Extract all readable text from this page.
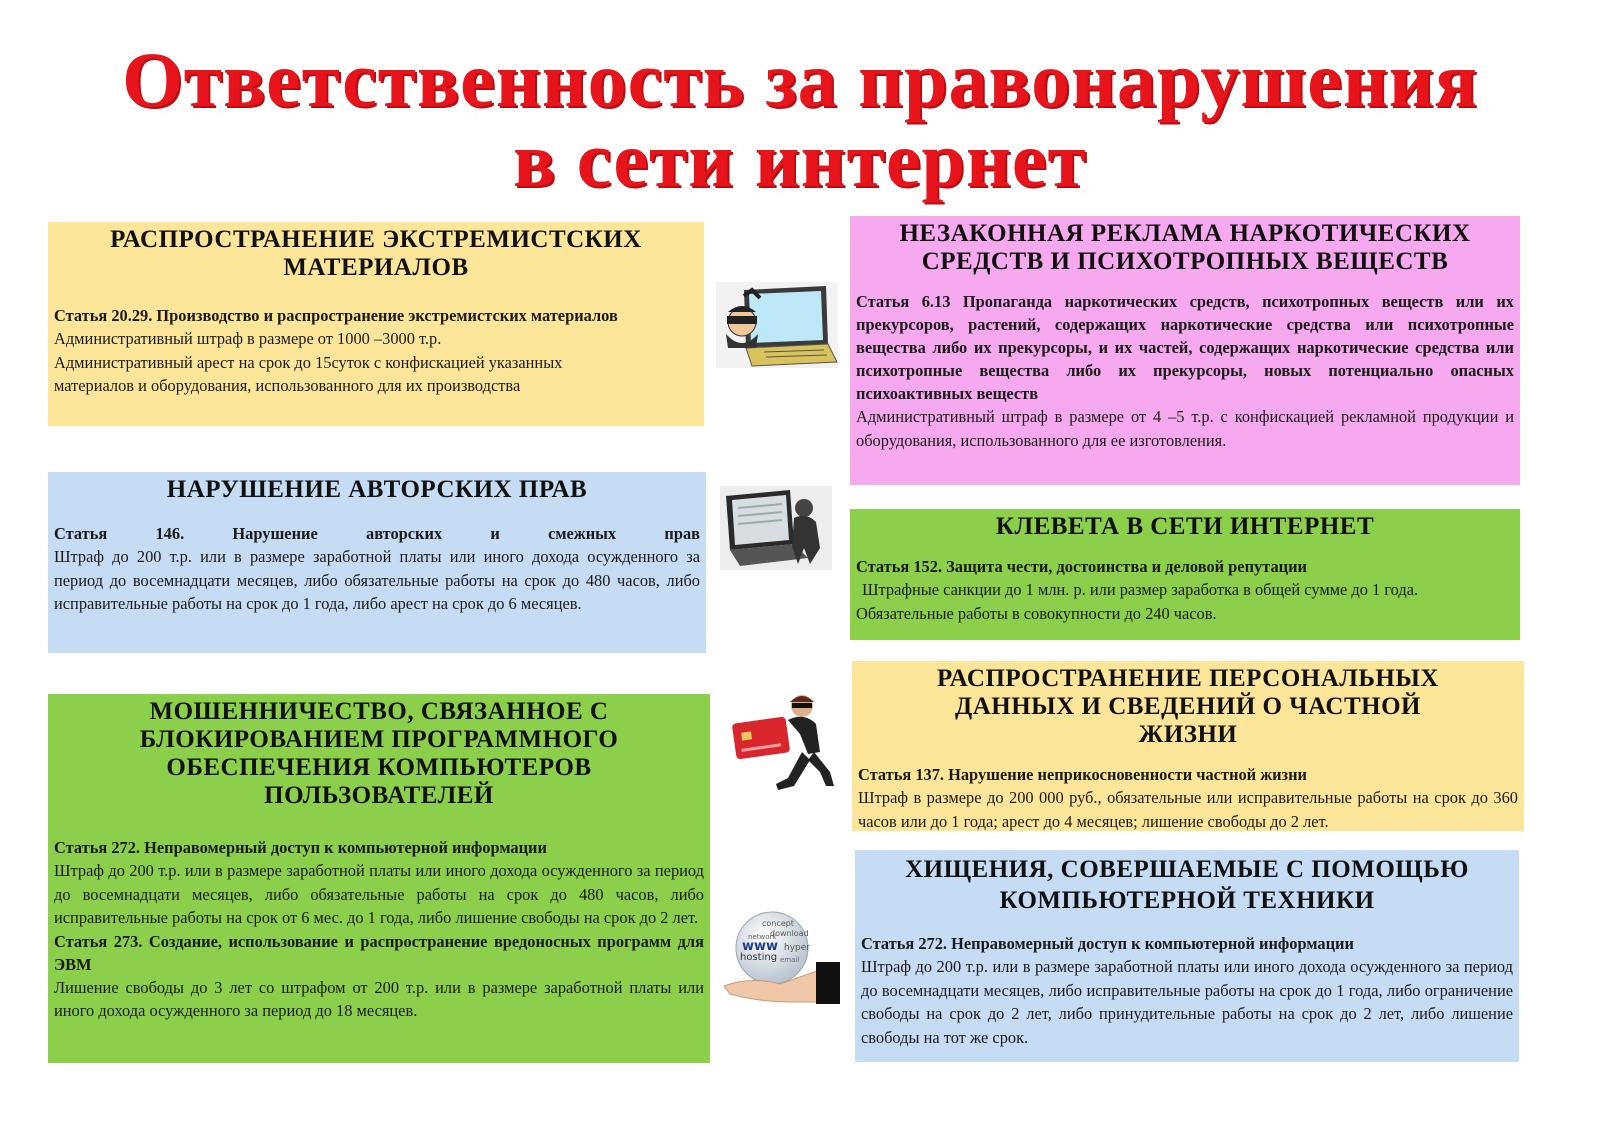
Ответственность за правонарушения
в сети интернет
РАСПРОСТРАНЕНИЕ ЭКСТРЕМИСТСКИХ МАТЕРИАЛОВ

Статья 20.29. Производство и распространение экстремистских материалов

Административный штраф в размере от 1000 –3000 т.р.

Административный арест на срок до 15суток с конфискацией указанных материалов и оборудования, использованного для их производства

НАРУШЕНИЕ АВТОРСКИХ ПРАВ

Статья 146. Нарушение авторских и смежных прав

Штраф до 200 т.р. или в размере заработной платы или иного дохода осужденного за период до восемнадцати месяцев, либо обязательные работы на срок до 480 часов, либо исправительные работы на срок до 1 года, либо арест на срок до 6 месяцев.

МОШЕННИЧЕСТВО, СВЯЗАННОЕ С БЛОКИРОВАНИЕМ ПРОГРАММНОГО ОБЕСПЕЧЕНИЯ КОМПЬЮТЕРОВ ПОЛЬЗОВАТЕЛЕЙ

Статья 272. Неправомерный доступ к компьютерной информации

Штраф до 200 т.р. или в размере заработной платы или иного дохода осужденного за период до восемнадцати месяцев, либо обязательные работы на срок до 480 часов, либо исправительные работы на срок от 6 мес. до 1 года, либо лишение свободы на срок до 2 лет.

Статья 273. Создание, использование и распространение вредоносных программ для ЭВМ

Лишение свободы до 3 лет со штрафом от 200 т.р. или в размере заработной платы или иного дохода осужденного за период до 18 месяцев.

НЕЗАКОННАЯ РЕКЛАМА НАРКОТИЧЕСКИХ СРЕДСТВ И ПСИХОТРОПНЫХ ВЕЩЕСТВ

Статья 6.13 Пропаганда наркотических средств, психотропных веществ или их прекурсоров, растений, содержащих наркотические средства или психотропные вещества либо их прекурсоры, и их частей, содержащих наркотические средства или психотропные вещества либо их прекурсоры, новых потенциально опасных психоактивных веществ

Административный штраф в размере от 4 –5 т.р. с конфискацией рекламной продукции и оборудования, использованного для ее изготовления.

КЛЕВЕТА В СЕТИ ИНТЕРНЕТ

Статья 152. Защита чести, достоинства и деловой репутации

Штрафные санкции до 1 млн. р. или размер заработка в общей сумме до 1 года.

Обязательные работы в совокупности до 240 часов.

РАСПРОСТРАНЕНИЕ ПЕРСОНАЛЬНЫХ ДАННЫХ И СВЕДЕНИЙ О ЧАСТНОЙ ЖИЗНИ

Статья 137. Нарушение неприкосновенности частной жизни

Штраф в размере до 200 000 руб., обязательные или исправительные работы на срок до 360 часов или до 1 года; арест до 4 месяцев; лишение свободы до 2 лет.

ХИЩЕНИЯ, СОВЕРШАЕМЫЕ С ПОМОЩЬЮ КОМПЬЮТЕРНОЙ ТЕХНИКИ

Статья 272. Неправомерный доступ к компьютерной информации

Штраф до 200 т.р. или в размере заработной платы или иного дохода осужденного за период до восемнадцати месяцев, либо исправительные работы на срок до 1 года, либо ограничение свободы на срок до 2 лет, либо принудительные работы на срок до 2 лет, либо лишение свободы на тот же срок.

concept
download
www hyper
hosting
network
email
